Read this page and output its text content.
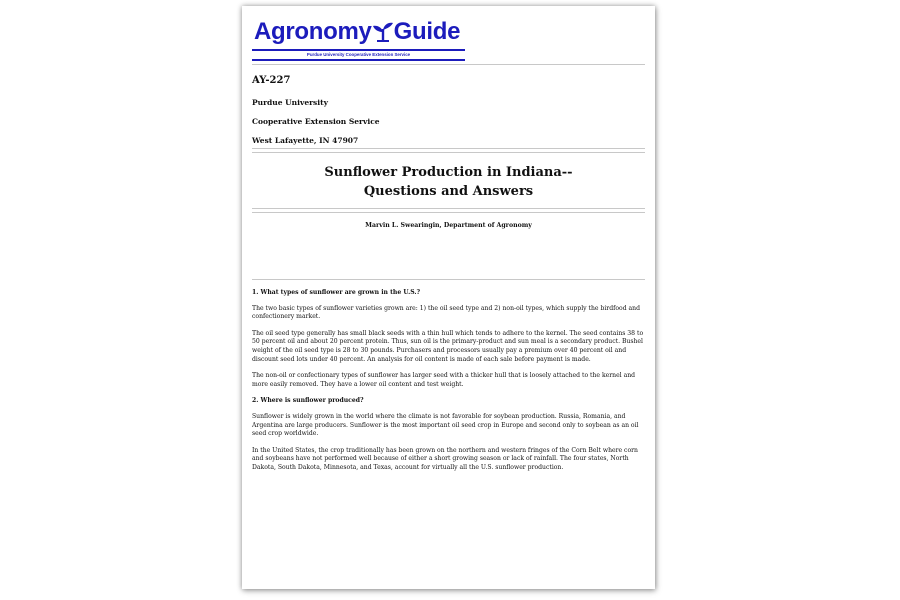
Agronomy Guide
Purdue University Cooperative Extension Service
AY-227
Purdue University
Cooperative Extension Service
West Lafayette, IN 47907
Sunflower Production in Indiana--
Questions and Answers
Marvin L. Swearingin, Department of Agronomy
1. What types of sunflower are grown in the U.S.?

The two basic types of sunflower varieties grown are: 1) the oil seed type and 2) non-oil types, which supply the birdfood and confectionery market.

The oil seed type generally has small black seeds with a thin hull which tends to adhere to the kernel. The seed contains 38 to 50 percent oil and about 20 percent protein. Thus, sun oil is the primary-product and sun meal is a secondary product. Bushel weight of the oil seed type is 28 to 30 pounds. Purchasers and processors usually pay a premium over 40 percent oil and discount seed lots under 40 percent. An analysis for oil content is made of each sale before payment is made.

The non-oil or confectionary types of sunflower has larger seed with a thicker hull that is loosely attached to the kernel and more easily removed. They have a lower oil content and test weight.

2. Where is sunflower produced?

Sunflower is widely grown in the world where the climate is not favorable for soybean production. Russia, Romania, and Argentina are large producers. Sunflower is the most important oil seed crop in Europe and second only to soybean as an oil seed crop worldwide.

In the United States, the crop traditionally has been grown on the northern and western fringes of the Corn Belt where corn and soybeans have not performed well because of either a short growing season or lack of rainfall. The four states, North Dakota, South Dakota, Minnesota, and Texas, account for virtually all the U.S. sunflower production.
